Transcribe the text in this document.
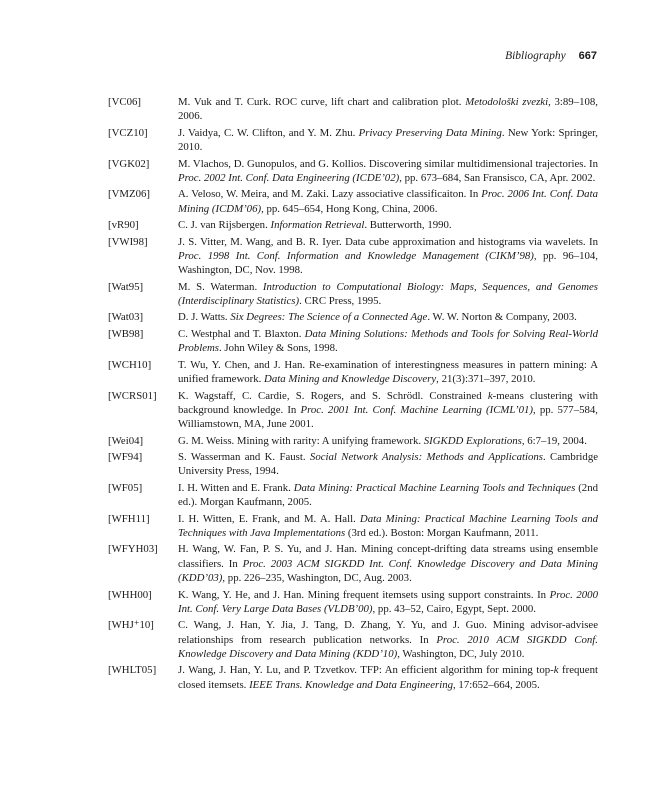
Bibliography 667
[VC06]	M. Vuk and T. Curk. ROC curve, lift chart and calibration plot. Metodološki zvezki, 3:89–108, 2006.
[VCZ10]	J. Vaidya, C. W. Clifton, and Y. M. Zhu. Privacy Preserving Data Mining. New York: Springer, 2010.
[VGK02]	M. Vlachos, D. Gunopulos, and G. Kollios. Discovering similar multidimensional trajectories. In Proc. 2002 Int. Conf. Data Engineering (ICDE’02), pp. 673–684, San Fransisco, CA, Apr. 2002.
[VMZ06]	A. Veloso, W. Meira, and M. Zaki. Lazy associative classificaiton. In Proc. 2006 Int. Conf. Data Mining (ICDM’06), pp. 645–654, Hong Kong, China, 2006.
[vR90]	C. J. van Rijsbergen. Information Retrieval. Butterworth, 1990.
[VWI98]	J. S. Vitter, M. Wang, and B. R. Iyer. Data cube approximation and histograms via wavelets. In Proc. 1998 Int. Conf. Information and Knowledge Management (CIKM’98), pp. 96–104, Washington, DC, Nov. 1998.
[Wat95]	M. S. Waterman. Introduction to Computational Biology: Maps, Sequences, and Genomes (Interdisciplinary Statistics). CRC Press, 1995.
[Wat03]	D. J. Watts. Six Degrees: The Science of a Connected Age. W. W. Norton & Company, 2003.
[WB98]	C. Westphal and T. Blaxton. Data Mining Solutions: Methods and Tools for Solving Real-World Problems. John Wiley & Sons, 1998.
[WCH10]	T. Wu, Y. Chen, and J. Han. Re-examination of interestingness measures in pattern mining: A unified framework. Data Mining and Knowledge Discovery, 21(3):371–397, 2010.
[WCRS01]	K. Wagstaff, C. Cardie, S. Rogers, and S. Schrödl. Constrained k-means clustering with background knowledge. In Proc. 2001 Int. Conf. Machine Learning (ICML’01), pp. 577–584, Williamstown, MA, June 2001.
[Wei04]	G. M. Weiss. Mining with rarity: A unifying framework. SIGKDD Explorations, 6:7–19, 2004.
[WF94]	S. Wasserman and K. Faust. Social Network Analysis: Methods and Applications. Cambridge University Press, 1994.
[WF05]	I. H. Witten and E. Frank. Data Mining: Practical Machine Learning Tools and Techniques (2nd ed.). Morgan Kaufmann, 2005.
[WFH11]	I. H. Witten, E. Frank, and M. A. Hall. Data Mining: Practical Machine Learning Tools and Techniques with Java Implementations (3rd ed.). Boston: Morgan Kaufmann, 2011.
[WFYH03]	H. Wang, W. Fan, P. S. Yu, and J. Han. Mining concept-drifting data streams using ensemble classifiers. In Proc. 2003 ACM SIGKDD Int. Conf. Knowledge Discovery and Data Mining (KDD’03), pp. 226–235, Washington, DC, Aug. 2003.
[WHH00]	K. Wang, Y. He, and J. Han. Mining frequent itemsets using support constraints. In Proc. 2000 Int. Conf. Very Large Data Bases (VLDB’00), pp. 43–52, Cairo, Egypt, Sept. 2000.
[WHJ⁺10]	C. Wang, J. Han, Y. Jia, J. Tang, D. Zhang, Y. Yu, and J. Guo. Mining advisor-advisee relationships from research publication networks. In Proc. 2010 ACM SIGKDD Conf. Knowledge Discovery and Data Mining (KDD’10), Washington, DC, July 2010.
[WHLT05]	J. Wang, J. Han, Y. Lu, and P. Tzvetkov. TFP: An efficient algorithm for mining top-k frequent closed itemsets. IEEE Trans. Knowledge and Data Engineering, 17:652–664, 2005.
